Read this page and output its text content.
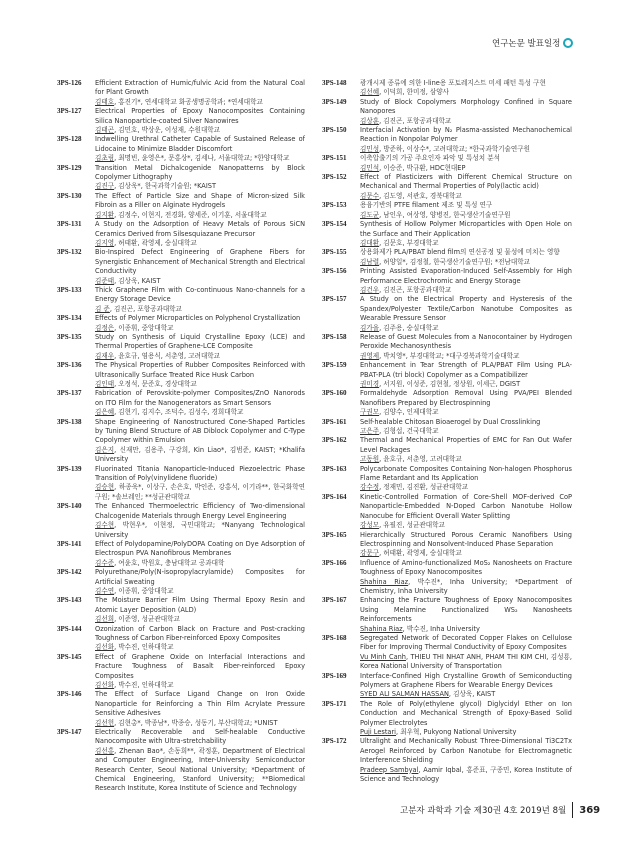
연구논문 발표일정
3PS-126	Efficient Extraction of Humic/fulvic Acid from the Natural Coal for Plant Growth
김태호, 홍진기*, 연세대학교 화공생명공학과; *연세대학교
3PS-127	Electrical Properties of Epoxy Nanocomposites Containing Silica Nanoparticle-coated Silver Nanowires
김태곤, 김민호, 박상운, 이성재, 수원대학교
3PS-128	Indwelling Urethral Catheter Capable of Sustained Release of Lidocaine to Minimize Bladder Discomfort
김초림, 최명빈, 윤영은*, 문홍상*, 김세나, 서울대학교; *한양대학교
3PS-129	Transition Metal Dichalcogenide Nanopatterns by Block Copolymer Lithography
김진구, 김상욱*, 한국과학기술원; *KAIST
3PS-130	The Effect of Particle Size and Shape of Micron-sized Silk Fibroin as a Filler on Alginate Hydrogels
김지환, 김정수, 이현지, 전경화, 양세준, 이기훈, 서울대학교
3PS-131	A Study on the Adsorption of Heavy Metals of Porous SiCN Ceramics Derived from Silsesquiazane Precursor
김지영, 허태환, 곽영제, 숭실대학교
3PS-132	Bio-Inspired Defect Engineering of Graphene Fibers for Synergistic Enhancement of Mechanical Strength and Electrical Conductivity
김준태, 김상욱, KAIST
3PS-133	Thick Graphene Film with Co-continuous Nano-channels for a Energy Storage Device
김 준, 김진곤, 포항공과대학교
3PS-134	Effects of Polymer Microparticles on Polyphenol Crystallization
김정은, 이종휘, 중앙대학교
3PS-135	Study on Synthesis of Liquid Crystalline Epoxy (LCE) and Thermal Properties of Graphene-LCE Composite
김재우, 윤호규, 염용식, 서춘영, 고려대학교
3PS-136	The Physical Properties of Rubber Composites Reinforced with Ultrasonically Surface Treated Rice Husk Carbon
김인태, 오정석, 문준호, 경상대학교
3PS-137	Fabrication of Perovskite-polymer Composites/ZnO Nanorods on ITO Film for the Nanogenerators as Smart Sensors
김은혜, 김현기, 김지수, 조덕수, 김성수, 경희대학교
3PS-138	Shape Engineering of Nanostructured Cone-Shaped Particles by Tuning Blend Structure of AB Diblock Copolymer and C-Type Copolymer within Emulsion
김은지, 신재만, 김용주, 구강희, Kin Liao*, 김범준, KAIST; *Khalifa University
3PS-139	Fluorinated Titania Nanoparticle-Induced Piezoelectric Phase Transition of Poly(vinylidene fluoride)
김승현, 하종욱*, 이상구, 손은호, 박인준, 강홍석, 이기라**, 한국화학연구원; *솔브레인; **성균관대학교
3PS-140	The Enhanced Thermoelectric Efficiency of Two-dimensional Chalcogenide Materials through Energy Level Engineering
김수현, 박현우*, 이현정, 국민대학교; *Nanyang Technological University
3PS-141	Effect of Polydopamine/PolyDOPA Coating on Dye Adsorption of Electrospun PVA Nanofibrous Membranes
김수준, 여윤호, 박원호, 충남대학교 공과대학
3PS-142	Polyurethane/Poly(N-isopropylacrylamide) Composites for Artificial Sweating
김수연, 이종휘, 중앙대학교
3PS-143	The Moisture Barrier Film Using Thermal Epoxy Resin and Atomic Layer Deposition (ALD)
김선희, 이준영, 성균관대학교
3PS-144	Ozonization of Carbon Black on Fracture and Post-cracking Toughness of Carbon Fiber-reinforced Epoxy Composites
김선화, 박수진, 인하대학교
3PS-145	Effect of Graphene Oxide on Interfacial Interactions and Fracture Toughness of Basalt Fiber-reinforced Epoxy Composites
김선화, 박수진, 인하대학교
3PS-146	The Effect of Surface Ligand Change on Iron Oxide Nanoparticle for Reinforcing a Thin Film Acrylate Pressure Sensitive Adhesives
김선헌, 김현총*, 박종남*, 박종승, 성동기, 부산대학교; *UNIST
3PS-147	Electrically Recoverable and Self-healable Conductive Nanocomposite with Ultra-stretchability
김선홍, Zhenan Bao*, 손동희**, 곽정훈, Department of Electrical and Computer Engineering, Inter-University Semiconductor Research Center, Seoul National University; *Department of Chemical Engineering, Stanford University; **Biomedical Research Institute, Korea Institute of Science and Technology
3PS-148	광개시제 종류에 의한 I-line용 포토레지스트 미세 패턴 특성 구현
김선혜, 이덕희, 한미정, 삼양사
3PS-149	Study of Block Copolymers Morphology Confined in Square Nanopores
김상훈, 김진곤, 포항공과대학교
3PS-150	Interfacial Activation by N₂ Plasma-assisted Mechanochemical Reaction in Nonpolar Polymer
김민성, 방준하, 이상수*, 고려대학교; *한국과학기술연구원
3PS-151	이축압출기의 가공 주요인자 파악 및 특성치 분석
김민석, 이승준, 박규환, HDC현대EP
3PS-152	Effect of Plasticizers with Different Chemical Structure on Mechanical and Thermal Properties of Poly(lactic acid)
김문수, 김도영, 서관호, 경북대학교
3PS-153	용융기반의 PTFE filament 제조 및 특성 연구
김도균, 남인우, 여상영, 양병진, 한국생산기술연구원
3PS-154	Synthesis of Hollow Polymer Microparticles with Open Hole on the Surface and Their Application
김대환, 김문호, 부경대학교
3PS-155	상용화제가 PLA/PBAT blend film의 연신공정 및 물성에 미치는 영향
김남렬, 허양일*, 김정철, 한국생산기술연구원; *전남대학교
3PS-156	Printing Assisted Evaporation-Induced Self-Assembly for High Performance Electrochromic and Energy Storage
김건우, 김진곤, 포항공과대학교
3PS-157	A Study on the Electrical Property and Hysteresis of the Spandex/Polyester Textile/Carbon Nanotube Composites as Wearable Pressure Sensor
김가을, 김주용, 숭실대학교
3PS-158	Release of Guest Molecules from a Nanocontainer by Hydrogen Peroxide Mechanosynthesis
권영제, 박치영*, 부경대학교; *대구경북과학기술대학교
3PS-159	Enhancement in Tear Strength of PLA/PBAT Film Using PLA-PBAT-PLA (tri block) Copolymer as a Compatibilizer
권미경, 서지원, 이성준, 김현철, 정상원, 이세근, DGIST
3PS-160	Formaldehyde Adsorption Removal Using PVA/PEI Blended Nanofibers Prepared by Electrospinning
구권모, 김양수, 인제대학교
3PS-161	Self-healable Chitosan Bioaerogel by Dual Crosslinking
고은주, 김형섭, 건국대학교
3PS-162	Thermal and Mechanical Properties of EMC for Fan Out Wafer Level Packages
고동원, 윤호규, 서춘영, 고려대학교
3PS-163	Polycarbonate Composites Containing Non-halogen Phosphorus Flame Retardant and Its Application
강수정, 정재민, 김진환, 성균관대학교
3PS-164	Kinetic-Controlled Formation of Core-Shell MOF-derived CoP Nanoparticle-Embedded N-Doped Carbon Nanotube Hollow Nanocube for Efficient Overall Water Splitting
강성모, 유필진, 성균관대학교
3PS-165	Hierarchically Structured Porous Ceramic Nanofibers Using Electrospinning and Nonsolvent-Induced Phase Separation
강문구, 허태환, 곽영제, 숭실대학교
3PS-166	Influence of Amino-functionalized MoS₂ Nanosheets on Fracture Toughness of Epoxy Nanocomposites
Shahina Riaz, 박수진*, Inha University; *Department of Chemistry, Inha University
3PS-167	Enhancing the Fracture Toughness of Epoxy Nanocomposites Using Melamine Functionalized WS₂ Nanosheets Reinforcements
Shahina Riaz, 박수진, Inha University
3PS-168	Segregated Network of Decorated Copper Flakes on Cellulose Fiber for Improving Thermal Conductivity of Epoxy Composites
Vu Minh Canh, THIEU THI NHAT ANH, PHAM THI KIM CHI, 김성룡, Korea National University of Transportation
3PS-169	Interface-Confined High Crystalline Growth of Semiconducting Polymers at Graphene Fibers for Wearable Energy Devices
SYED ALI SALMAN HASSAN, 김상욱, KAIST
3PS-171	The Role of Poly(ethylene glycol) Diglycidyl Ether on Ion Conduction and Mechanical Strength of Epoxy-Based Solid Polymer Electrolytes
Puji Lestari, 최우혁, Pukyong National University
3PS-172	Ultralight and Mechanically Robust Three-Dimensional Ti3C2Tx Aerogel Reinforced by Carbon Nanotube for Electromagnetic Interference Shielding
Pradeep Sambyal, Aamir Iqbal, 홍준표, 구종민, Korea Institute of Science and Technology
고분자 과학과 기술 제30권 4호 2019년 8월 369
